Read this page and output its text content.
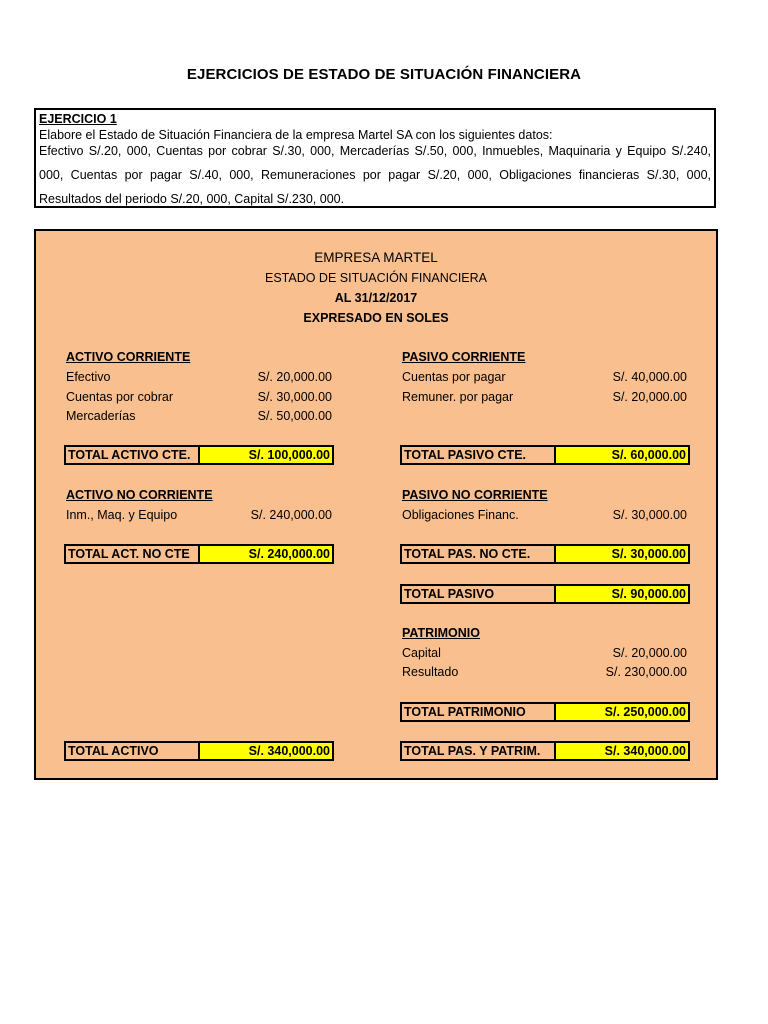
EJERCICIOS DE ESTADO DE SITUACIÓN FINANCIERA
EJERCICIO 1
Elabore el Estado de Situación Financiera de la empresa Martel SA con los siguientes datos:
Efectivo S/.20, 000, Cuentas por cobrar S/.30, 000, Mercaderías S/.50, 000, Inmuebles, Maquinaria y Equipo S/.240, 000, Cuentas por pagar S/.40, 000, Remuneraciones por pagar S/.20, 000, Obligaciones financieras S/.30, 000, Resultados del periodo S/.20, 000, Capital S/.230, 000.
EMPRESA MARTEL
ESTADO DE SITUACIÓN FINANCIERA
AL 31/12/2017
EXPRESADO EN SOLES
ACTIVO CORRIENTE
Efectivo	S/. 20,000.00
Cuentas por cobrar	S/. 30,000.00
Mercaderías	S/. 50,000.00
TOTAL ACTIVO CTE.	S/. 100,000.00
ACTIVO NO CORRIENTE
Inm., Maq. y Equipo	S/. 240,000.00
TOTAL ACT. NO CTE	S/. 240,000.00
TOTAL ACTIVO	S/. 340,000.00
PASIVO CORRIENTE
Cuentas por pagar	S/. 40,000.00
Remuner. por pagar	S/. 20,000.00
TOTAL PASIVO CTE.	S/. 60,000.00
PASIVO NO CORRIENTE
Obligaciones Financ.	S/. 30,000.00
TOTAL PAS. NO CTE.	S/. 30,000.00
TOTAL PASIVO	S/. 90,000.00
PATRIMONIO
Capital	S/. 20,000.00
Resultado	S/. 230,000.00
TOTAL PATRIMONIO	S/. 250,000.00
TOTAL PAS. Y PATRIM.	S/. 340,000.00
